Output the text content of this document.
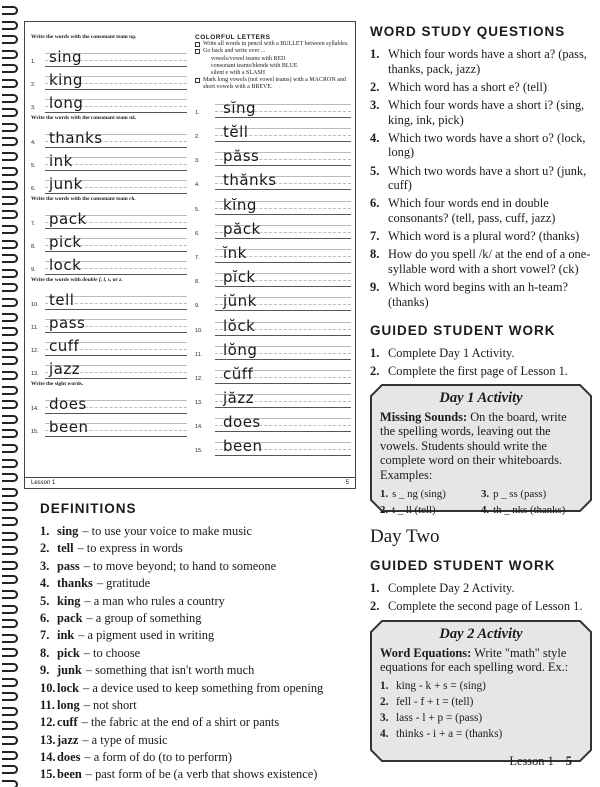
Write the words with the consonant team ng.
1. sing
2. king
3. long
Write the words with the consonant team nk.
4. thanks
5. ink
6. junk
Write the words with the consonant team ck.
7. pack
8. pick
9. lock
Write the words with double f, l, s, or z.
10. tell
11. pass
12. cuff
13. jazz
Write the sight words.
14. does
15. been
COLORFUL LETTERS
Write all words in pencil with a BULLET between syllables.
Go back and write over ...
vowels/vowel teams with RED
consonant teams/blends with BLUE
silent e with a SLASH
Mark long vowels (not vowel teams) with a MACRON and short vowels with a BREVE.
1. sĭng
2. tĕll
3. păss
4. thănks
5. kĭng
6. păck
7. ĭnk
8. pĭck
9. jŭnk
10. lŏck
11. lŏng
12. cŭff
13. jăzz
14. does
15. been
Lesson 1	5
WORD STUDY QUESTIONS
1. Which four words have a short a? (pass, thanks, pack, jazz)
2. Which word has a short e? (tell)
3. Which four words have a short i? (sing, king, ink, pick)
4. Which two words have a short o? (lock, long)
5. Which two words have a short u? (junk, cuff)
6. Which four words end in double consonants? (tell, pass, cuff, jazz)
7. Which word is a plural word? (thanks)
8. How do you spell /k/ at the end of a one-syllable word with a short vowel? (ck)
9. Which word begins with an h-team? (thanks)
GUIDED STUDENT WORK
1. Complete Day 1 Activity.
2. Complete the first page of Lesson 1.
Day 1 Activity
Missing Sounds: On the board, write the spelling words, leaving out the vowels. Students should write the complete word on their whiteboards. Examples:
1. s _ ng (sing)	3. p _ ss (pass)
2. t _ ll (tell)	4. th _ nks (thanks)
Day Two
GUIDED STUDENT WORK
1. Complete Day 2 Activity.
2. Complete the second page of Lesson 1.
Day 2 Activity
Word Equations: Write "math" style equations for each spelling word. Ex.:
1. king - k + s = (sing)
2. fell - f + t = (tell)
3. lass - l + p = (pass)
4. thinks - i + a = (thanks)
DEFINITIONS
1. sing – to use your voice to make music
2. tell – to express in words
3. pass – to move beyond; to hand to someone
4. thanks – gratitude
5. king – a man who rules a country
6. pack – a group of something
7. ink – a pigment used in writing
8. pick – to choose
9. junk – something that isn't worth much
10. lock – a device used to keep something from opening
11. long – not short
12. cuff – the fabric at the end of a shirt or pants
13. jazz – a type of music
14. does – a form of do (to to perform)
15. been – past form of be (a verb that shows existence)
Lesson 1 5
